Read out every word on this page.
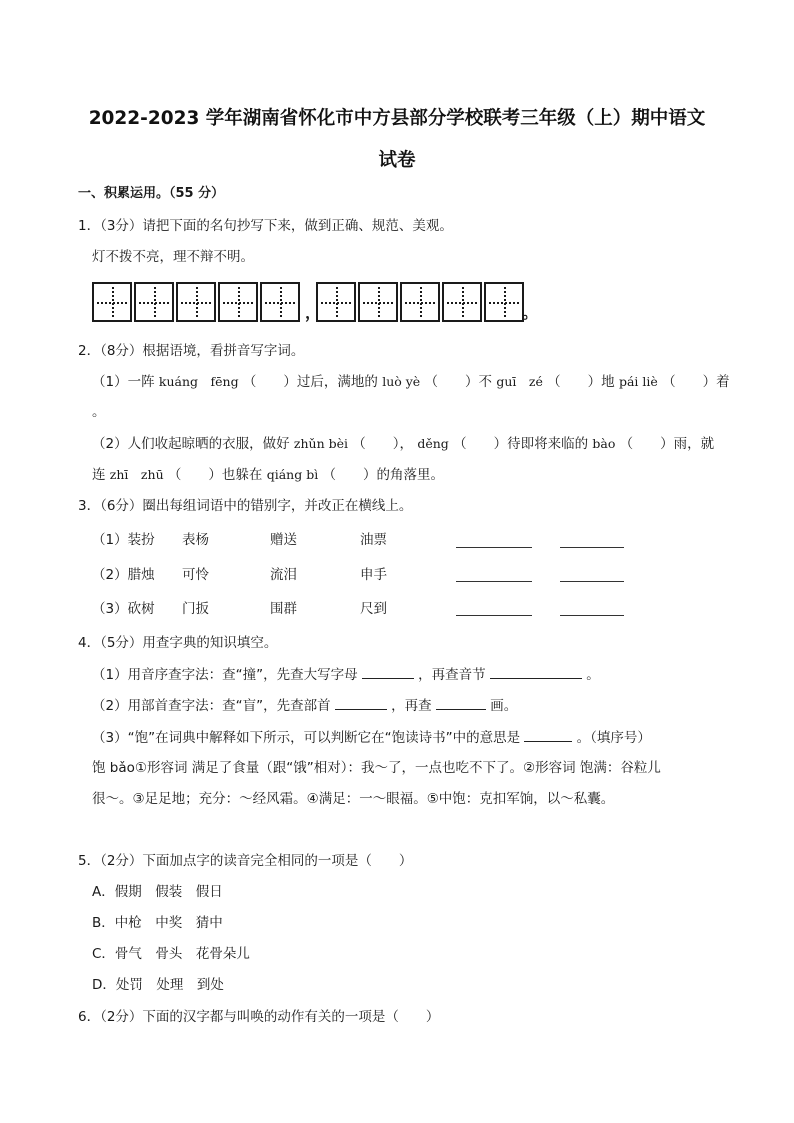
2022-2023 学年湖南省怀化市中方县部分学校联考三年级（上）期中语文
试卷
一、积累运用。（55 分）
1．（3分）请把下面的名句抄写下来，做到正确、规范、美观。
灯不拨不亮，理不辩不明。
，	。
2．（8分）根据语境，看拼音写字词。
（1）一阵 kuáng　fēng （　　）过后，满地的 luò yè （　　）不 guī　zé （　　）地 pái liè （　　）着
。
（2）人们收起晾晒的衣服，做好 zhǔn bèi （　　）， děng （　　）待即将来临的 bào （　　）雨，就
连 zhī　zhū （　　）也躲在 qiáng bì （　　）的角落里。
3．（6分）圈出每组词语中的错别字，并改正在横线上。
（1）装扮 表杨	赠送	油票
（2）腊烛 可怜	流泪	申手
（3）砍树 门扳	围群	尺到
4．（5分）用查字典的知识填空。
（1）用音序查字法：查“撞”，先查大写字母	，再查音节	。
（2）用部首查字法：查“盲”，先查部首	，再查	画。
（3）“饱”在词典中解释如下所示，可以判断它在“饱读诗书”中的意思是	。（填序号）
饱 bǎo①形容词 满足了食量（跟“饿”相对）：我～了，一点也吃不下了。②形容词 饱满：谷粒儿
很～。③足足地；充分：～经风霜。④满足：一～眼福。⑤中饱：克扣军饷，以～私囊。
5．（2分）下面加点字的读音完全相同的一项是（　　）
A．假期　假装　假日
B．中枪　中奖　猜中
C．骨气　骨头　花骨朵儿
D．处罚　处理　到处
6．（2分）下面的汉字都与叫唤的动作有关的一项是（　　）
